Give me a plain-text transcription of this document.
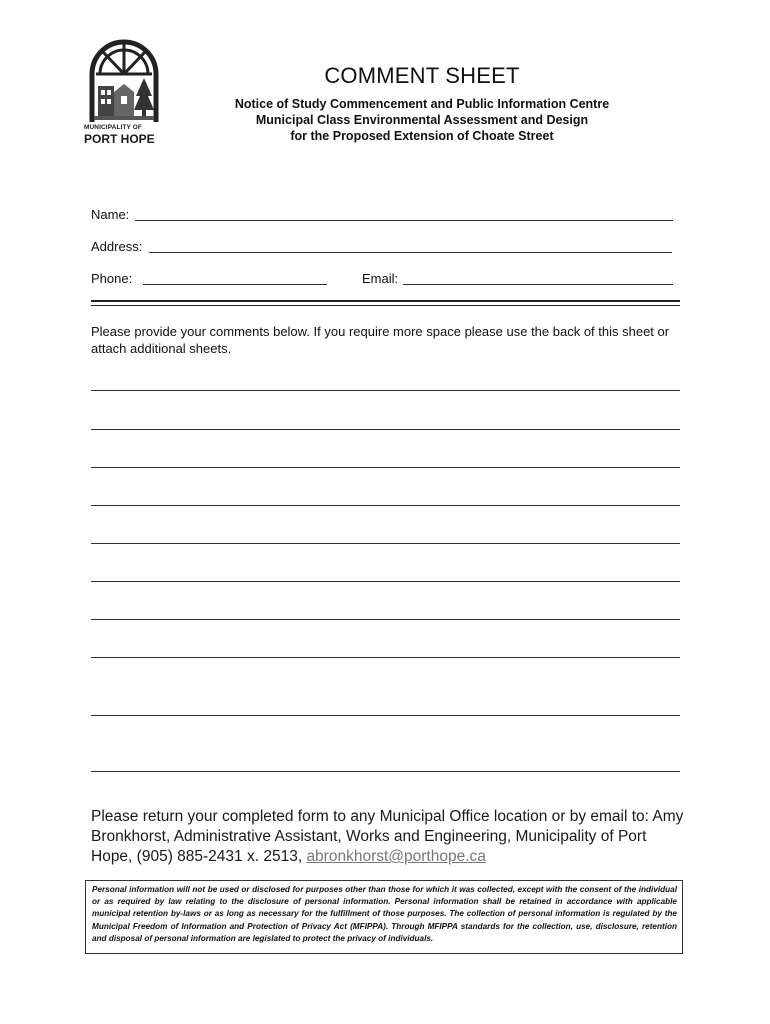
MUNICIPALITY OF
PORT HOPE
COMMENT SHEET

Notice of Study Commencement and Public Information Centre

Municipal Class Environmental Assessment and Design

for the Proposed Extension of Choate Street

Name:
Address:
Phone:	Email:

Please provide your comments below. If you require more space please use the back of this sheet or attach additional sheets.

Please return your completed form to any Municipal Office location or by email to: Amy Bronkhorst, Administrative Assistant, Works and Engineering, Municipality of Port Hope, (905) 885-2431 x. 2513, abronkhorst@porthope.ca

Personal information will not be used or disclosed for purposes other than those for which it was collected, except with the consent of the individual or as required by law relating to the disclosure of personal information. Personal information shall be retained in accordance with applicable municipal retention by-laws or as long as necessary for the fulfillment of those purposes. The collection of personal information is regulated by the Municipal Freedom of Information and Protection of Privacy Act (MFIPPA). Through MFIPPA standards for the collection, use, disclosure, retention and disposal of personal information are legislated to protect the privacy of individuals.
